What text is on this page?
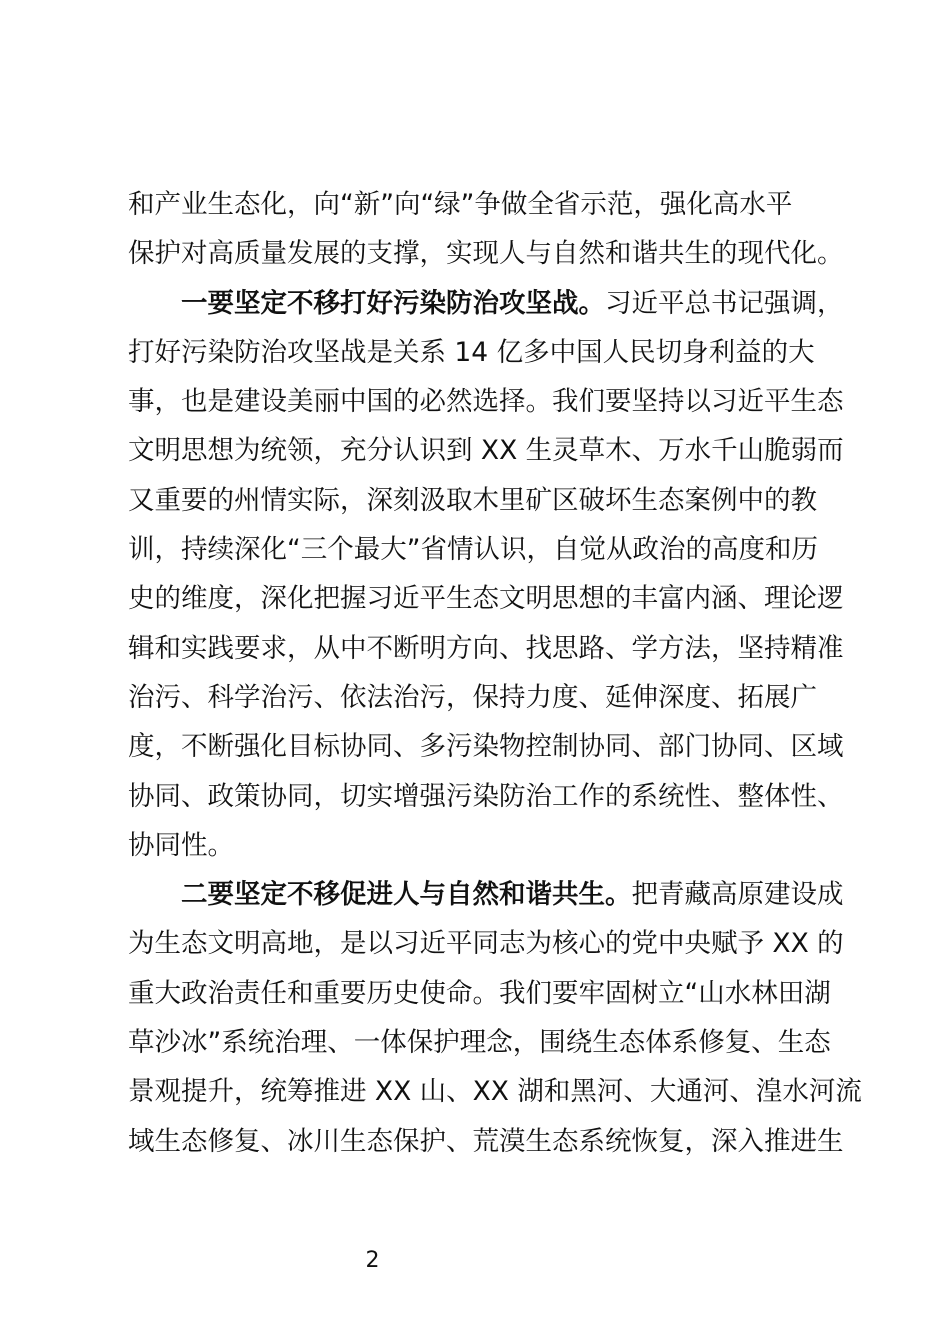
和产业生态化，向“新”向“绿”争做全省示范，强化高水平
保护对高质量发展的支撑，实现人与自然和谐共生的现代化。
一要坚定不移打好污染防治攻坚战。习近平总书记强调，
打好污染防治攻坚战是关系 14 亿多中国人民切身利益的大
事，也是建设美丽中国的必然选择。我们要坚持以习近平生态
文明思想为统领，充分认识到 XX 生灵草木、万水千山脆弱而
又重要的州情实际，深刻汲取木里矿区破坏生态案例中的教
训，持续深化“三个最大”省情认识，自觉从政治的高度和历
史的维度，深化把握习近平生态文明思想的丰富内涵、理论逻
辑和实践要求，从中不断明方向、找思路、学方法，坚持精准
治污、科学治污、依法治污，保持力度、延伸深度、拓展广
度，不断强化目标协同、多污染物控制协同、部门协同、区域
协同、政策协同，切实增强污染防治工作的系统性、整体性、
协同性。
二要坚定不移促进人与自然和谐共生。把青藏高原建设成
为生态文明高地，是以习近平同志为核心的党中央赋予 XX 的
重大政治责任和重要历史使命。我们要牢固树立“山水林田湖
草沙冰”系统治理、一体保护理念，围绕生态体系修复、生态
景观提升，统筹推进 XX 山、XX 湖和黑河、大通河、湟水河流
域生态修复、冰川生态保护、荒漠生态系统恢复，深入推进生
2
